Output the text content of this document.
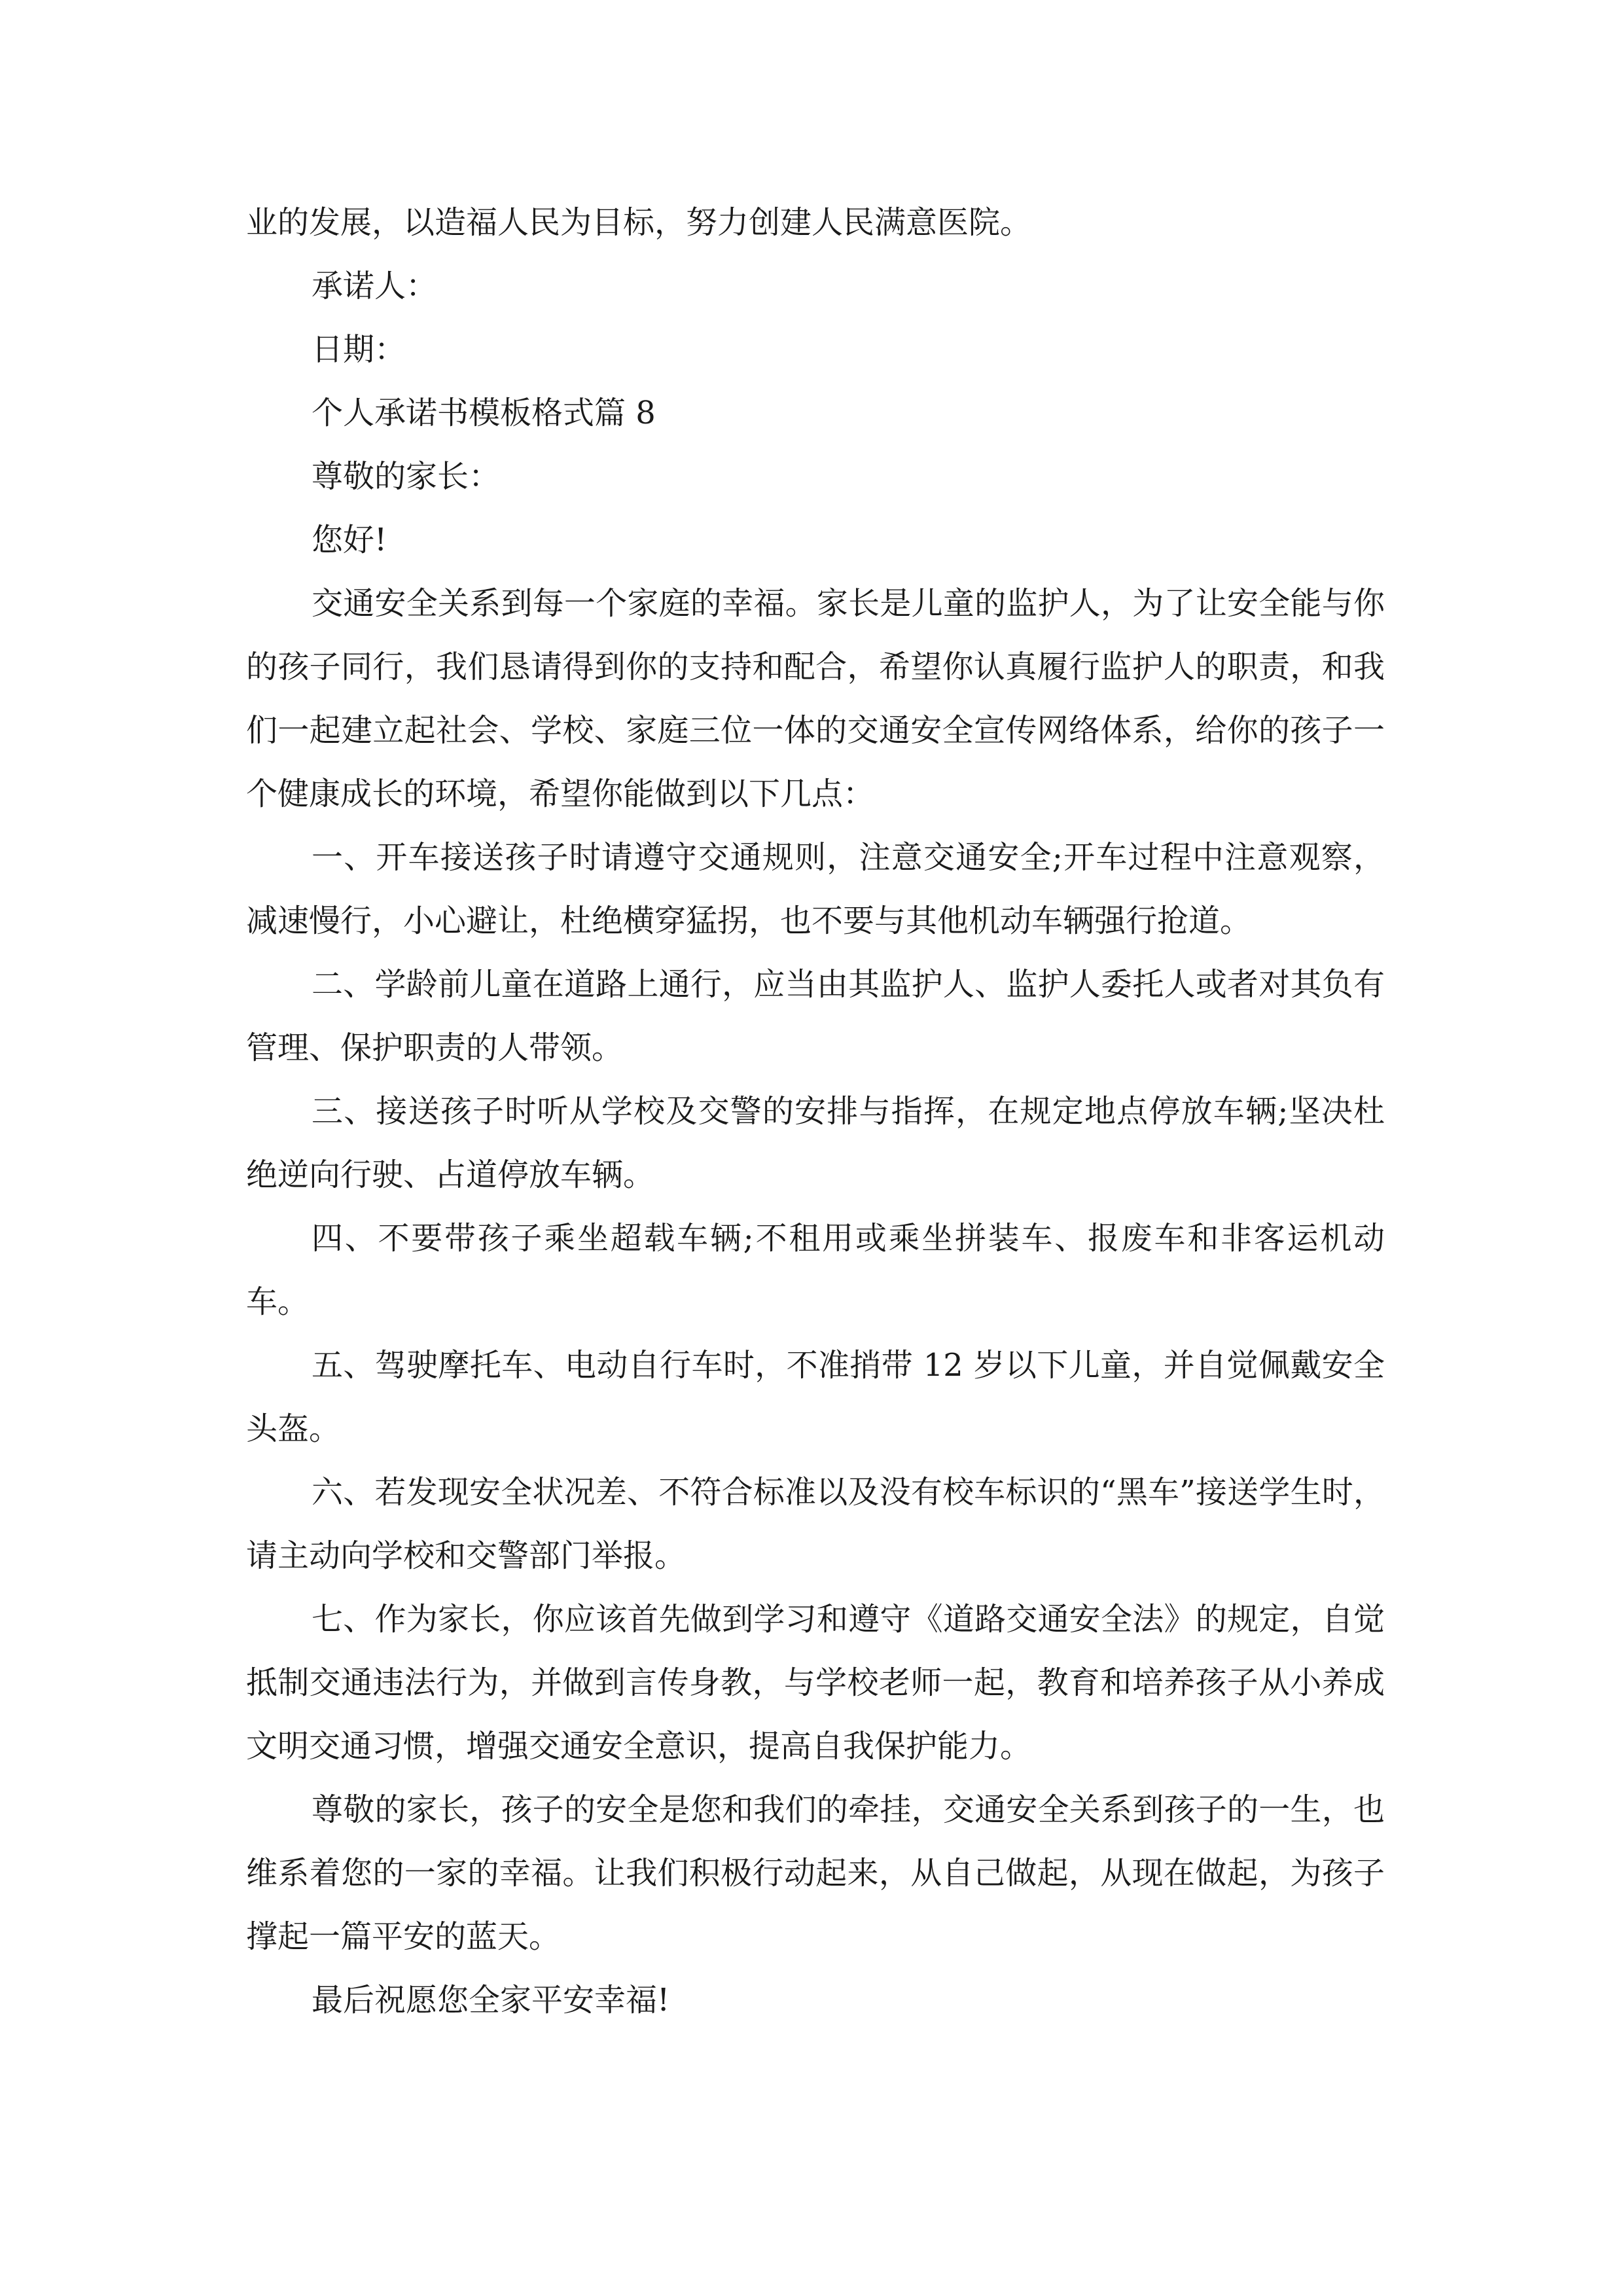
业的发展，以造福人民为目标，努力创建人民满意医院。

承诺人：

日期：

个人承诺书模板格式篇 8

尊敬的家长：

您好!

交通安全关系到每一个家庭的幸福。家长是儿童的监护人，为了让安全能与你的孩子同行，我们恳请得到你的支持和配合，希望你认真履行监护人的职责，和我们一起建立起社会、学校、家庭三位一体的交通安全宣传网络体系，给你的孩子一个健康成长的环境，希望你能做到以下几点：

一、开车接送孩子时请遵守交通规则，注意交通安全;开车过程中注意观察，减速慢行，小心避让，杜绝横穿猛拐，也不要与其他机动车辆强行抢道。

二、学龄前儿童在道路上通行，应当由其监护人、监护人委托人或者对其负有管理、保护职责的人带领。

三、接送孩子时听从学校及交警的安排与指挥，在规定地点停放车辆;坚决杜绝逆向行驶、占道停放车辆。

四、不要带孩子乘坐超载车辆;不租用或乘坐拼装车、报废车和非客运机动车。

五、驾驶摩托车、电动自行车时，不准捎带 12 岁以下儿童，并自觉佩戴安全头盔。

六、若发现安全状况差、不符合标准以及没有校车标识的“黑车”接送学生时，请主动向学校和交警部门举报。

七、作为家长，你应该首先做到学习和遵守《道路交通安全法》的规定，自觉抵制交通违法行为，并做到言传身教，与学校老师一起，教育和培养孩子从小养成文明交通习惯，增强交通安全意识，提高自我保护能力。

尊敬的家长，孩子的安全是您和我们的牵挂，交通安全关系到孩子的一生，也维系着您的一家的幸福。让我们积极行动起来，从自己做起，从现在做起，为孩子撑起一篇平安的蓝天。

最后祝愿您全家平安幸福!
